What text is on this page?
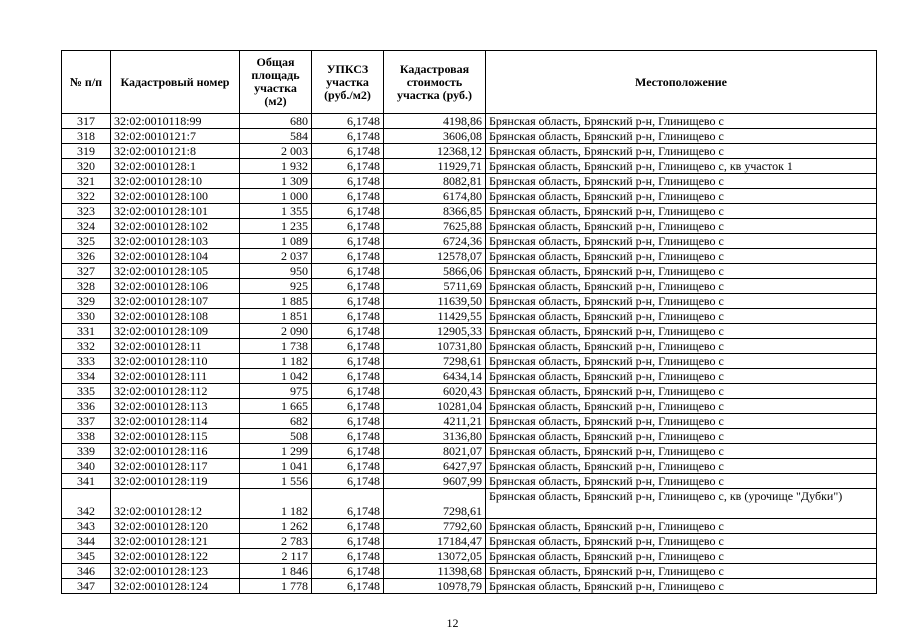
№ п/п	Кадастровый номер	Общая площадь участка (м2)	УПКСЗ участка (руб./м2)	Кадастровая стоимость участка (руб.)	Местоположение
317	32:02:0010118:99	680	6,1748	4198,86	Брянская область, Брянский р-н, Глинищево с
318	32:02:0010121:7	584	6,1748	3606,08	Брянская область, Брянский р-н, Глинищево с
319	32:02:0010121:8	2 003	6,1748	12368,12	Брянская область, Брянский р-н, Глинищево с
320	32:02:0010128:1	1 932	6,1748	11929,71	Брянская область, Брянский р-н, Глинищево с, кв участок 1
321	32:02:0010128:10	1 309	6,1748	8082,81	Брянская область, Брянский р-н, Глинищево с
322	32:02:0010128:100	1 000	6,1748	6174,80	Брянская область, Брянский р-н, Глинищево с
323	32:02:0010128:101	1 355	6,1748	8366,85	Брянская область, Брянский р-н, Глинищево с
324	32:02:0010128:102	1 235	6,1748	7625,88	Брянская область, Брянский р-н, Глинищево с
325	32:02:0010128:103	1 089	6,1748	6724,36	Брянская область, Брянский р-н, Глинищево с
326	32:02:0010128:104	2 037	6,1748	12578,07	Брянская область, Брянский р-н, Глинищево с
327	32:02:0010128:105	950	6,1748	5866,06	Брянская область, Брянский р-н, Глинищево с
328	32:02:0010128:106	925	6,1748	5711,69	Брянская область, Брянский р-н, Глинищево с
329	32:02:0010128:107	1 885	6,1748	11639,50	Брянская область, Брянский р-н, Глинищево с
330	32:02:0010128:108	1 851	6,1748	11429,55	Брянская область, Брянский р-н, Глинищево с
331	32:02:0010128:109	2 090	6,1748	12905,33	Брянская область, Брянский р-н, Глинищево с
332	32:02:0010128:11	1 738	6,1748	10731,80	Брянская область, Брянский р-н, Глинищево с
333	32:02:0010128:110	1 182	6,1748	7298,61	Брянская область, Брянский р-н, Глинищево с
334	32:02:0010128:111	1 042	6,1748	6434,14	Брянская область, Брянский р-н, Глинищево с
335	32:02:0010128:112	975	6,1748	6020,43	Брянская область, Брянский р-н, Глинищево с
336	32:02:0010128:113	1 665	6,1748	10281,04	Брянская область, Брянский р-н, Глинищево с
337	32:02:0010128:114	682	6,1748	4211,21	Брянская область, Брянский р-н, Глинищево с
338	32:02:0010128:115	508	6,1748	3136,80	Брянская область, Брянский р-н, Глинищево с
339	32:02:0010128:116	1 299	6,1748	8021,07	Брянская область, Брянский р-н, Глинищево с
340	32:02:0010128:117	1 041	6,1748	6427,97	Брянская область, Брянский р-н, Глинищево с
341	32:02:0010128:119	1 556	6,1748	9607,99	Брянская область, Брянский р-н, Глинищево с
342	32:02:0010128:12	1 182	6,1748	7298,61	Брянская область, Брянский р-н, Глинищево с, кв (урочище "Дубки")
343	32:02:0010128:120	1 262	6,1748	7792,60	Брянская область, Брянский р-н, Глинищево с
344	32:02:0010128:121	2 783	6,1748	17184,47	Брянская область, Брянский р-н, Глинищево с
345	32:02:0010128:122	2 117	6,1748	13072,05	Брянская область, Брянский р-н, Глинищево с
346	32:02:0010128:123	1 846	6,1748	11398,68	Брянская область, Брянский р-н, Глинищево с
347	32:02:0010128:124	1 778	6,1748	10978,79	Брянская область, Брянский р-н, Глинищево с
12
